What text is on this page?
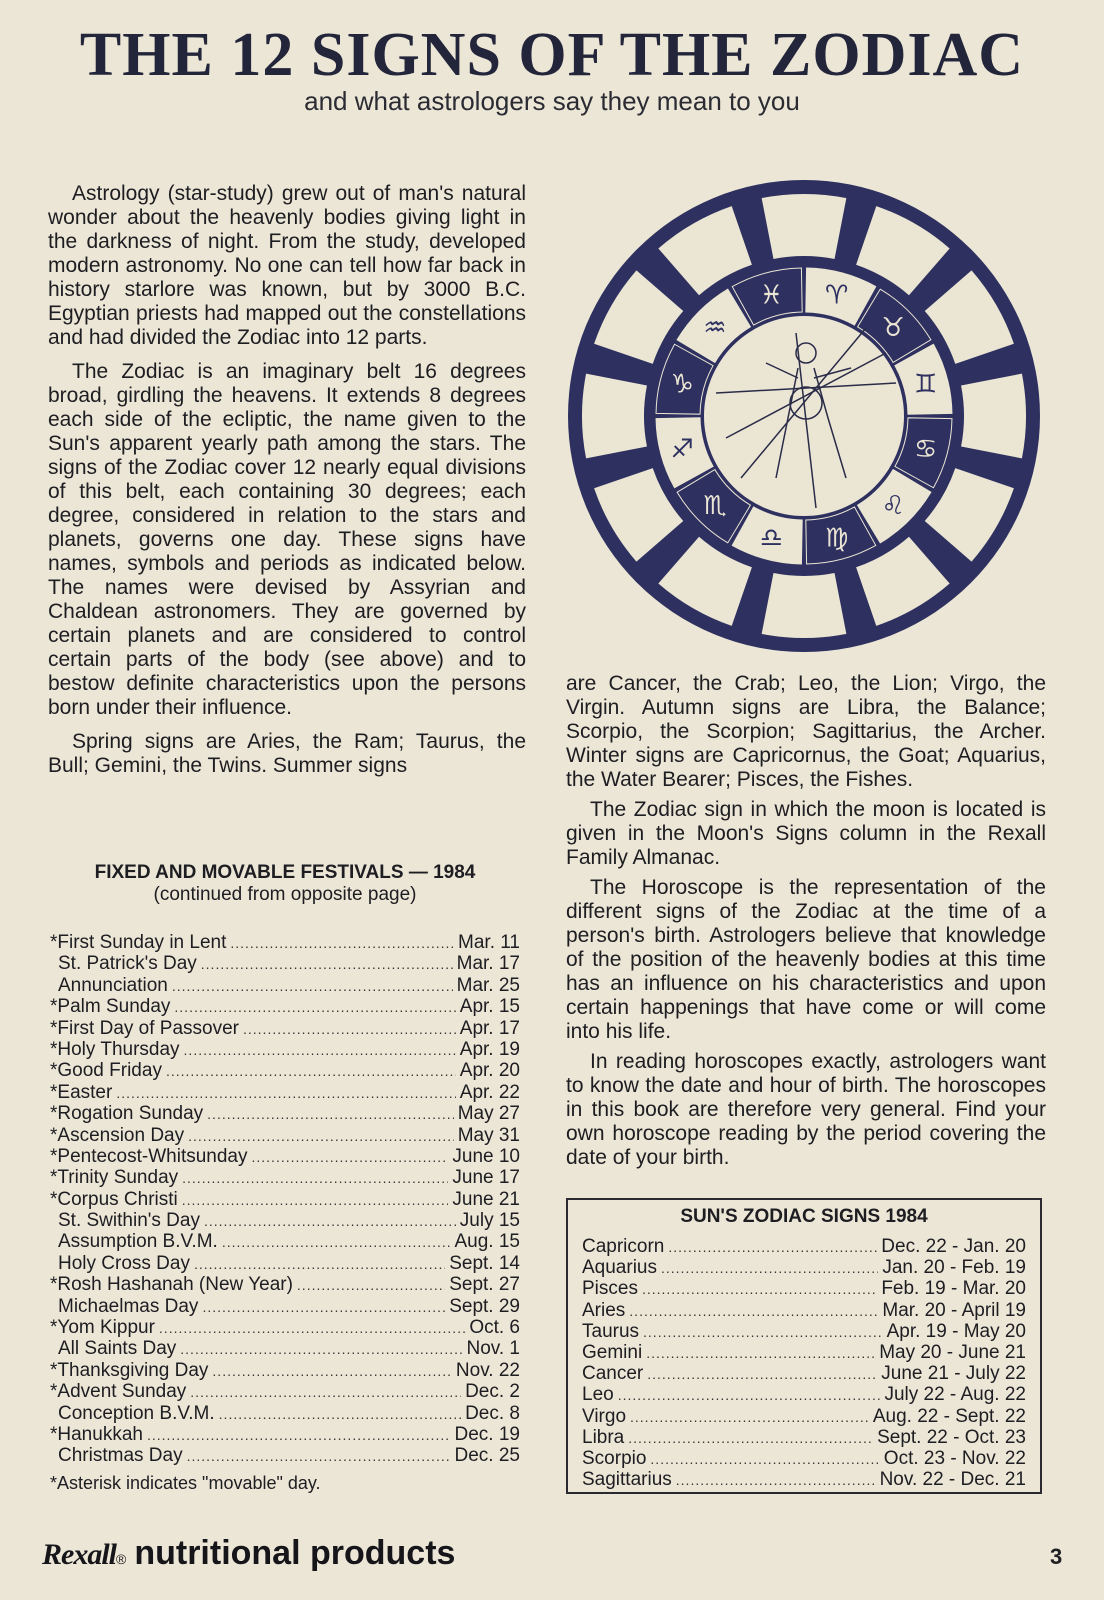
THE 12 SIGNS OF THE ZODIAC

and what astrologers say they mean to you

Astrology (star-study) grew out of man's natural wonder about the heavenly bodies giving light in the darkness of night. From the study, developed modern astronomy. No one can tell how far back in history starlore was known, but by 3000 B.C. Egyptian priests had mapped out the constellations and had divided the Zodiac into 12 parts.

The Zodiac is an imaginary belt 16 degrees broad, girdling the heavens. It extends 8 degrees each side of the ecliptic, the name given to the Sun's apparent yearly path among the stars. The signs of the Zodiac cover 12 nearly equal divisions of this belt, each containing 30 degrees; each degree, considered in relation to the stars and planets, governs one day. These signs have names, symbols and periods as indicated below. The names were devised by Assyrian and Chaldean astronomers. They are governed by certain planets and are considered to control certain parts of the body (see above) and to bestow definite characteristics upon the persons born under their influence.

Spring signs are Aries, the Ram; Taurus, the Bull; Gemini, the Twins. Summer signs

♈
♉
♊
♋
♌
♍
♎
♏
♐
♑
♒
♓

are Cancer, the Crab; Leo, the Lion; Virgo, the Virgin. Autumn signs are Libra, the Balance; Scorpio, the Scorpion; Sagittarius, the Archer. Winter signs are Capricornus, the Goat; Aquarius, the Water Bearer; Pisces, the Fishes.

The Zodiac sign in which the moon is located is given in the Moon's Signs column in the Rexall Family Almanac.

The Horoscope is the representation of the different signs of the Zodiac at the time of a person's birth. Astrologers believe that knowledge of the position of the heavenly bodies at this time has an influence on his characteristics and upon certain happenings that have come or will come into his life.

In reading horoscopes exactly, astrologers want to know the date and hour of birth. The horoscopes in this book are therefore very general. Find your own horoscope reading by the period covering the date of your birth.

FIXED AND MOVABLE FESTIVALS — 1984

(continued from opposite page)

*First Sunday in Lent .....	Mar. 11
St. Patrick's Day .....	Mar. 17
Annunciation .....	Mar. 25
*Palm Sunday .....	Apr. 15
*First Day of Passover .....	Apr. 17
*Holy Thursday .....	Apr. 19
*Good Friday .....	Apr. 20
*Easter .....	Apr. 22
*Rogation Sunday .....	May 27
*Ascension Day .....	May 31
*Pentecost-Whitsunday .....	June 10
*Trinity Sunday .....	June 17
*Corpus Christi .....	June 21
St. Swithin's Day .....	July 15
Assumption B.V.M. .....	Aug. 15
Holy Cross Day .....	Sept. 14
*Rosh Hashanah (New Year) .....	Sept. 27
Michaelmas Day .....	Sept. 29
*Yom Kippur .....	Oct. 6
All Saints Day .....	Nov. 1
*Thanksgiving Day .....	Nov. 22
*Advent Sunday .....	Dec. 2
Conception B.V.M. .....	Dec. 8
*Hanukkah .....	Dec. 19
Christmas Day .....	Dec. 25
*Asterisk indicates "movable" day.

SUN'S ZODIAC SIGNS 1984

Capricorn .....	Dec. 22 - Jan. 20
Aquarius .....	Jan. 20 - Feb. 19
Pisces .....	Feb. 19 - Mar. 20
Aries .....	Mar. 20 - April 19
Taurus .....	Apr. 19 - May 20
Gemini .....	May 20 - June 21
Cancer .....	June 21 - July 22
Leo .....	July 22 - Aug. 22
Virgo .....	Aug. 22 - Sept. 22
Libra .....	Sept. 22 - Oct. 23
Scorpio .....	Oct. 23 - Nov. 22
Sagittarius .....	Nov. 22 - Dec. 21
Rexall ® nutritional products	3
